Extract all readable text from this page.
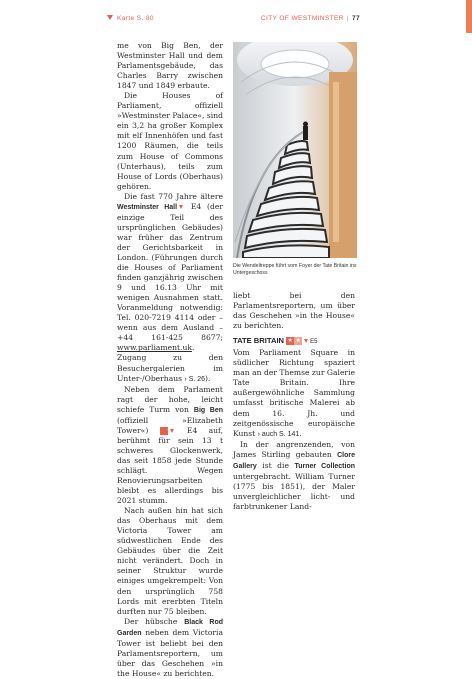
Karte S. 80	CITY OF WESTMINSTER | 77

me von Big Ben, der Westminster Hall und dem Parlamentsgebäude, das Charles Barry zwischen 1847 und 1849 erbaute.

Die Houses of Parliament, offiziell »Westminster Palace«, sind ein 3,2 ha großer Komplex mit elf Innenhöfen und fast 1200 Räumen, die teils zum House of Commons (Unterhaus), teils zum House of Lords (Oberhaus) gehören.

Die fast 770 Jahre ältere Westminster Hall E4 (der einzige Teil des ursprünglichen Gebäudes) war früher das Zentrum der Gerichtsbarkeit in London. (Führungen durch die Houses of Parliament finden ganzjährig zwischen 9 und 16.13 Uhr mit wenigen Ausnahmen statt. Voranmeldung notwendig: Tel. 020-7219 4114 oder – wenn aus dem Ausland – +44 161-425 8677; www.parliament.uk. Zugang zu den Besuchergalerien im Unter-/Oberhaus › S. 26).

Neben dem Parlament ragt der hohe, leicht schiefe Turm von Big Ben (offiziell »Elizabeth Tower«) ★ E4 auf, berühmt für sein 13 t schweres Glockenwerk, das seit 1858 jede Stunde schlägt. Wegen Renovierungsarbeiten bleibt es allerdings bis 2021 stumm.

Nach außen hin hat sich das Oberhaus mit dem Victoria Tower am südwestlichen Ende des Gebäudes über die Zeit nicht verändert. Doch in seiner Struktur wurde einiges umgekrempelt: Von den ursprünglich 758 Lords mit ererbten Titeln durften nur 75 bleiben.

Der hübsche Black Rod Garden neben dem Victoria Tower ist beliebt bei den Parlamentsreportern, um über das Geschehen »in the House« zu berichten.

Die Wendeltreppe führt vom Foyer der Tate Britain ins Untergeschoss

liebt bei den Parlamentsreportern, um über das Geschehen »in the House« zu berichten.

TATE BRITAIN ★ ★ E5

Vom Parliament Square in südlicher Richtung spaziert man an der Themse zur Galerie Tate Britain. Ihre außergewöhnliche Sammlung umfasst britische Malerei ab dem 16. Jh. und zeitgenössische europäische Kunst › auch S. 141.

In der angrenzenden, von James Stirling gebauten Clore Gallery ist die Turner Collection untergebracht. William Turner (1775 bis 1851), der Maler unvergleichlicher licht- und farbtrunkener Land-
